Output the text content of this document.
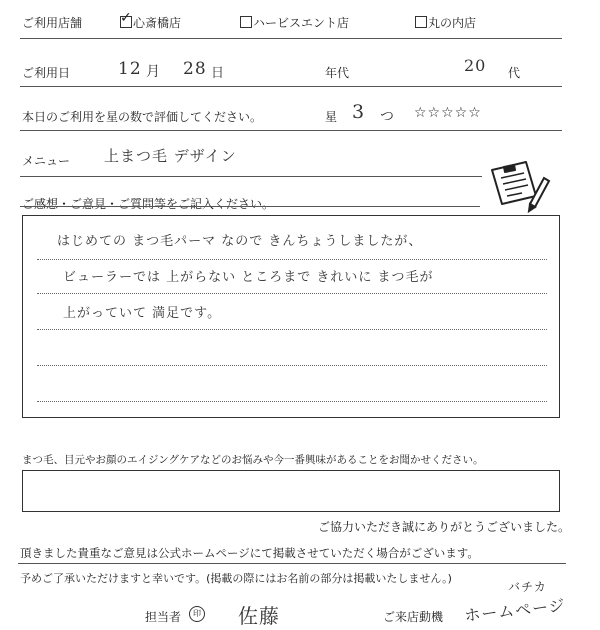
ご利用店舗
✓	心斎橋店	ハービスエント店	丸の内店
ご利用日	12 月 28 日	年代	20 代
本日のご利用を星の数で評価してください。	星 3 つ ☆☆☆☆☆
メニュー 上まつ毛 デザイン
ご感想・ご意見・ご質問等をご記入ください。
はじめての まつ毛パーマ なので きんちょうしましたが、
ビューラーでは 上がらない ところまで きれいに まつ毛が
上がっていて 満足です。
まつ毛、目元やお顔のエイジングケアなどのお悩みや今一番興味があることをお聞かせください。
ご協力いただき誠にありがとうございました。
頂きました貴重なご意見は公式ホームページにて掲載させていただく場合がございます。
予めご了承いただけますと幸いです。(掲載の際にはお名前の部分は掲載いたしません。)
担当者	印 佐藤	ご来店動機
バチカ
ホームページ
